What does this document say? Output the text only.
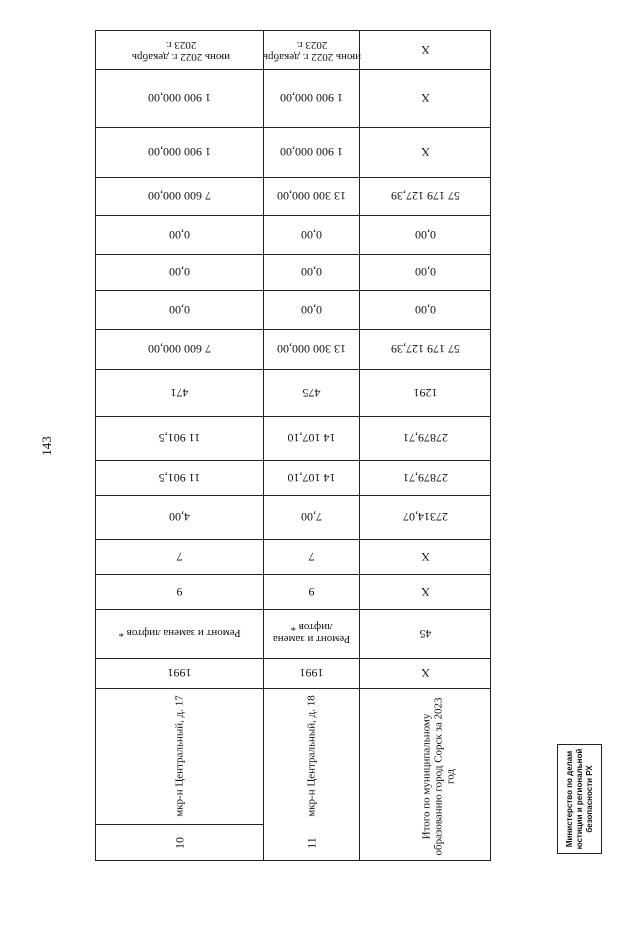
143
июнь 2022 г. декабрь 2023 г.
1 900 000,00
1 900 000,00
7 600 000,00
0,00
0,00
0,00
7 600 000,00
471
11 901,5
11 901,5
4,00
7
9
Ремонт и замена лифтов *
1991
мкр-н Центральный, д. 17
10
июнь 2022 г. декабрь 2023 г.
1 900 000,00
1 900 000,00
13 300 000,00
0,00
0,00
0,00
13 300 000,00
475
14 107,10
14 107,10
7,00
7
9
Ремонт и замена лифтов *
1991
мкр-н Центральный, д. 18
11
Х
Х
Х
57 179 127,39
0,00
0,00
0,00
57 179 127,39
1291
27879,71
27879,71
27314,07
Х
Х
45
Х
Итого по муниципальному образованию город Сорск за 2023 год	Министерство по делам юстиции и региональной безопасности РХ
